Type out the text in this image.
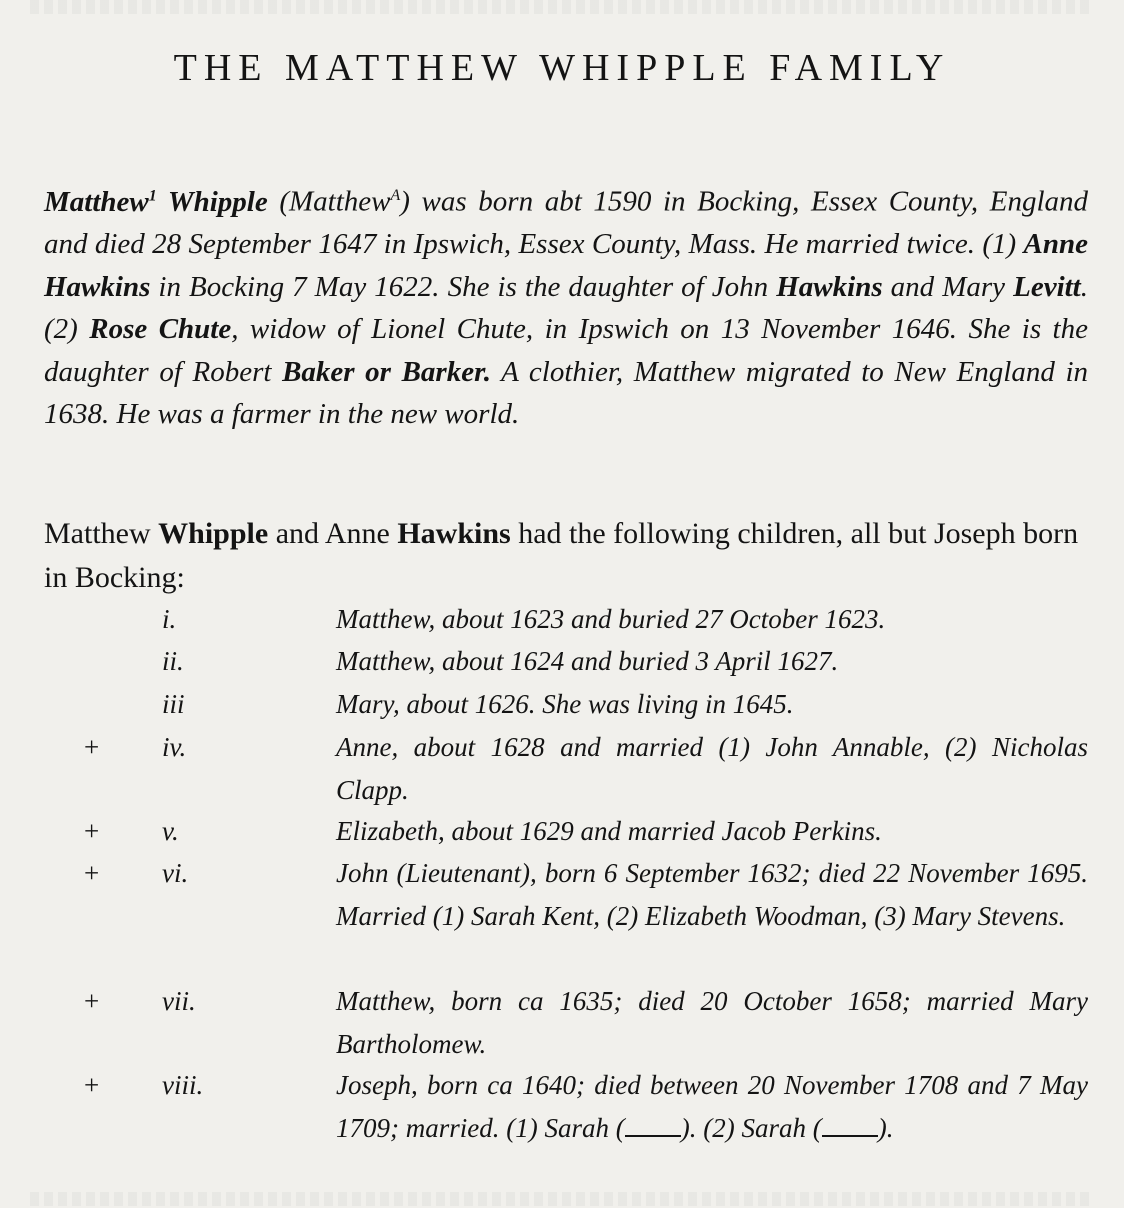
THE MATTHEW WHIPPLE FAMILY

Matthew$^1$ Whipple (Matthew$^A$) was born abt 1590 in Bocking, Essex County, England and died 28 September 1647 in Ipswich, Essex County, Mass. He married twice. (1) Anne Hawkins in Bocking 7 May 1622. She is the daughter of John Hawkins and Mary Levitt. (2) Rose Chute, widow of Lionel Chute, in Ipswich on 13 November 1646. She is the daughter of Robert Baker or Barker. A clothier, Matthew migrated to New England in 1638. He was a farmer in the new world.

Matthew Whipple and Anne Hawkins had the following children, all but Joseph born in Bocking:

i.	Matthew, about 1623 and buried 27 October 1623.
ii.	Matthew, about 1624 and buried 3 April 1627.
iii	Mary, about 1626. She was living in 1645.
+ iv.	Anne, about 1628 and married (1) John Annable, (2) Nicholas Clapp.
+ v.	Elizabeth, about 1629 and married Jacob Perkins.
+ vi.	John (Lieutenant), born 6 September 1632; died 22 November 1695. Married (1) Sarah Kent, (2) Elizabeth Woodman, (3) Mary Stevens.
+ vii.	Matthew, born ca 1635; died 20 October 1658; married Mary Bartholomew.
+ viii.	Joseph, born ca 1640; died between 20 November 1708 and 7 May 1709; married. (1) Sarah ( ). (2) Sarah ( ).
